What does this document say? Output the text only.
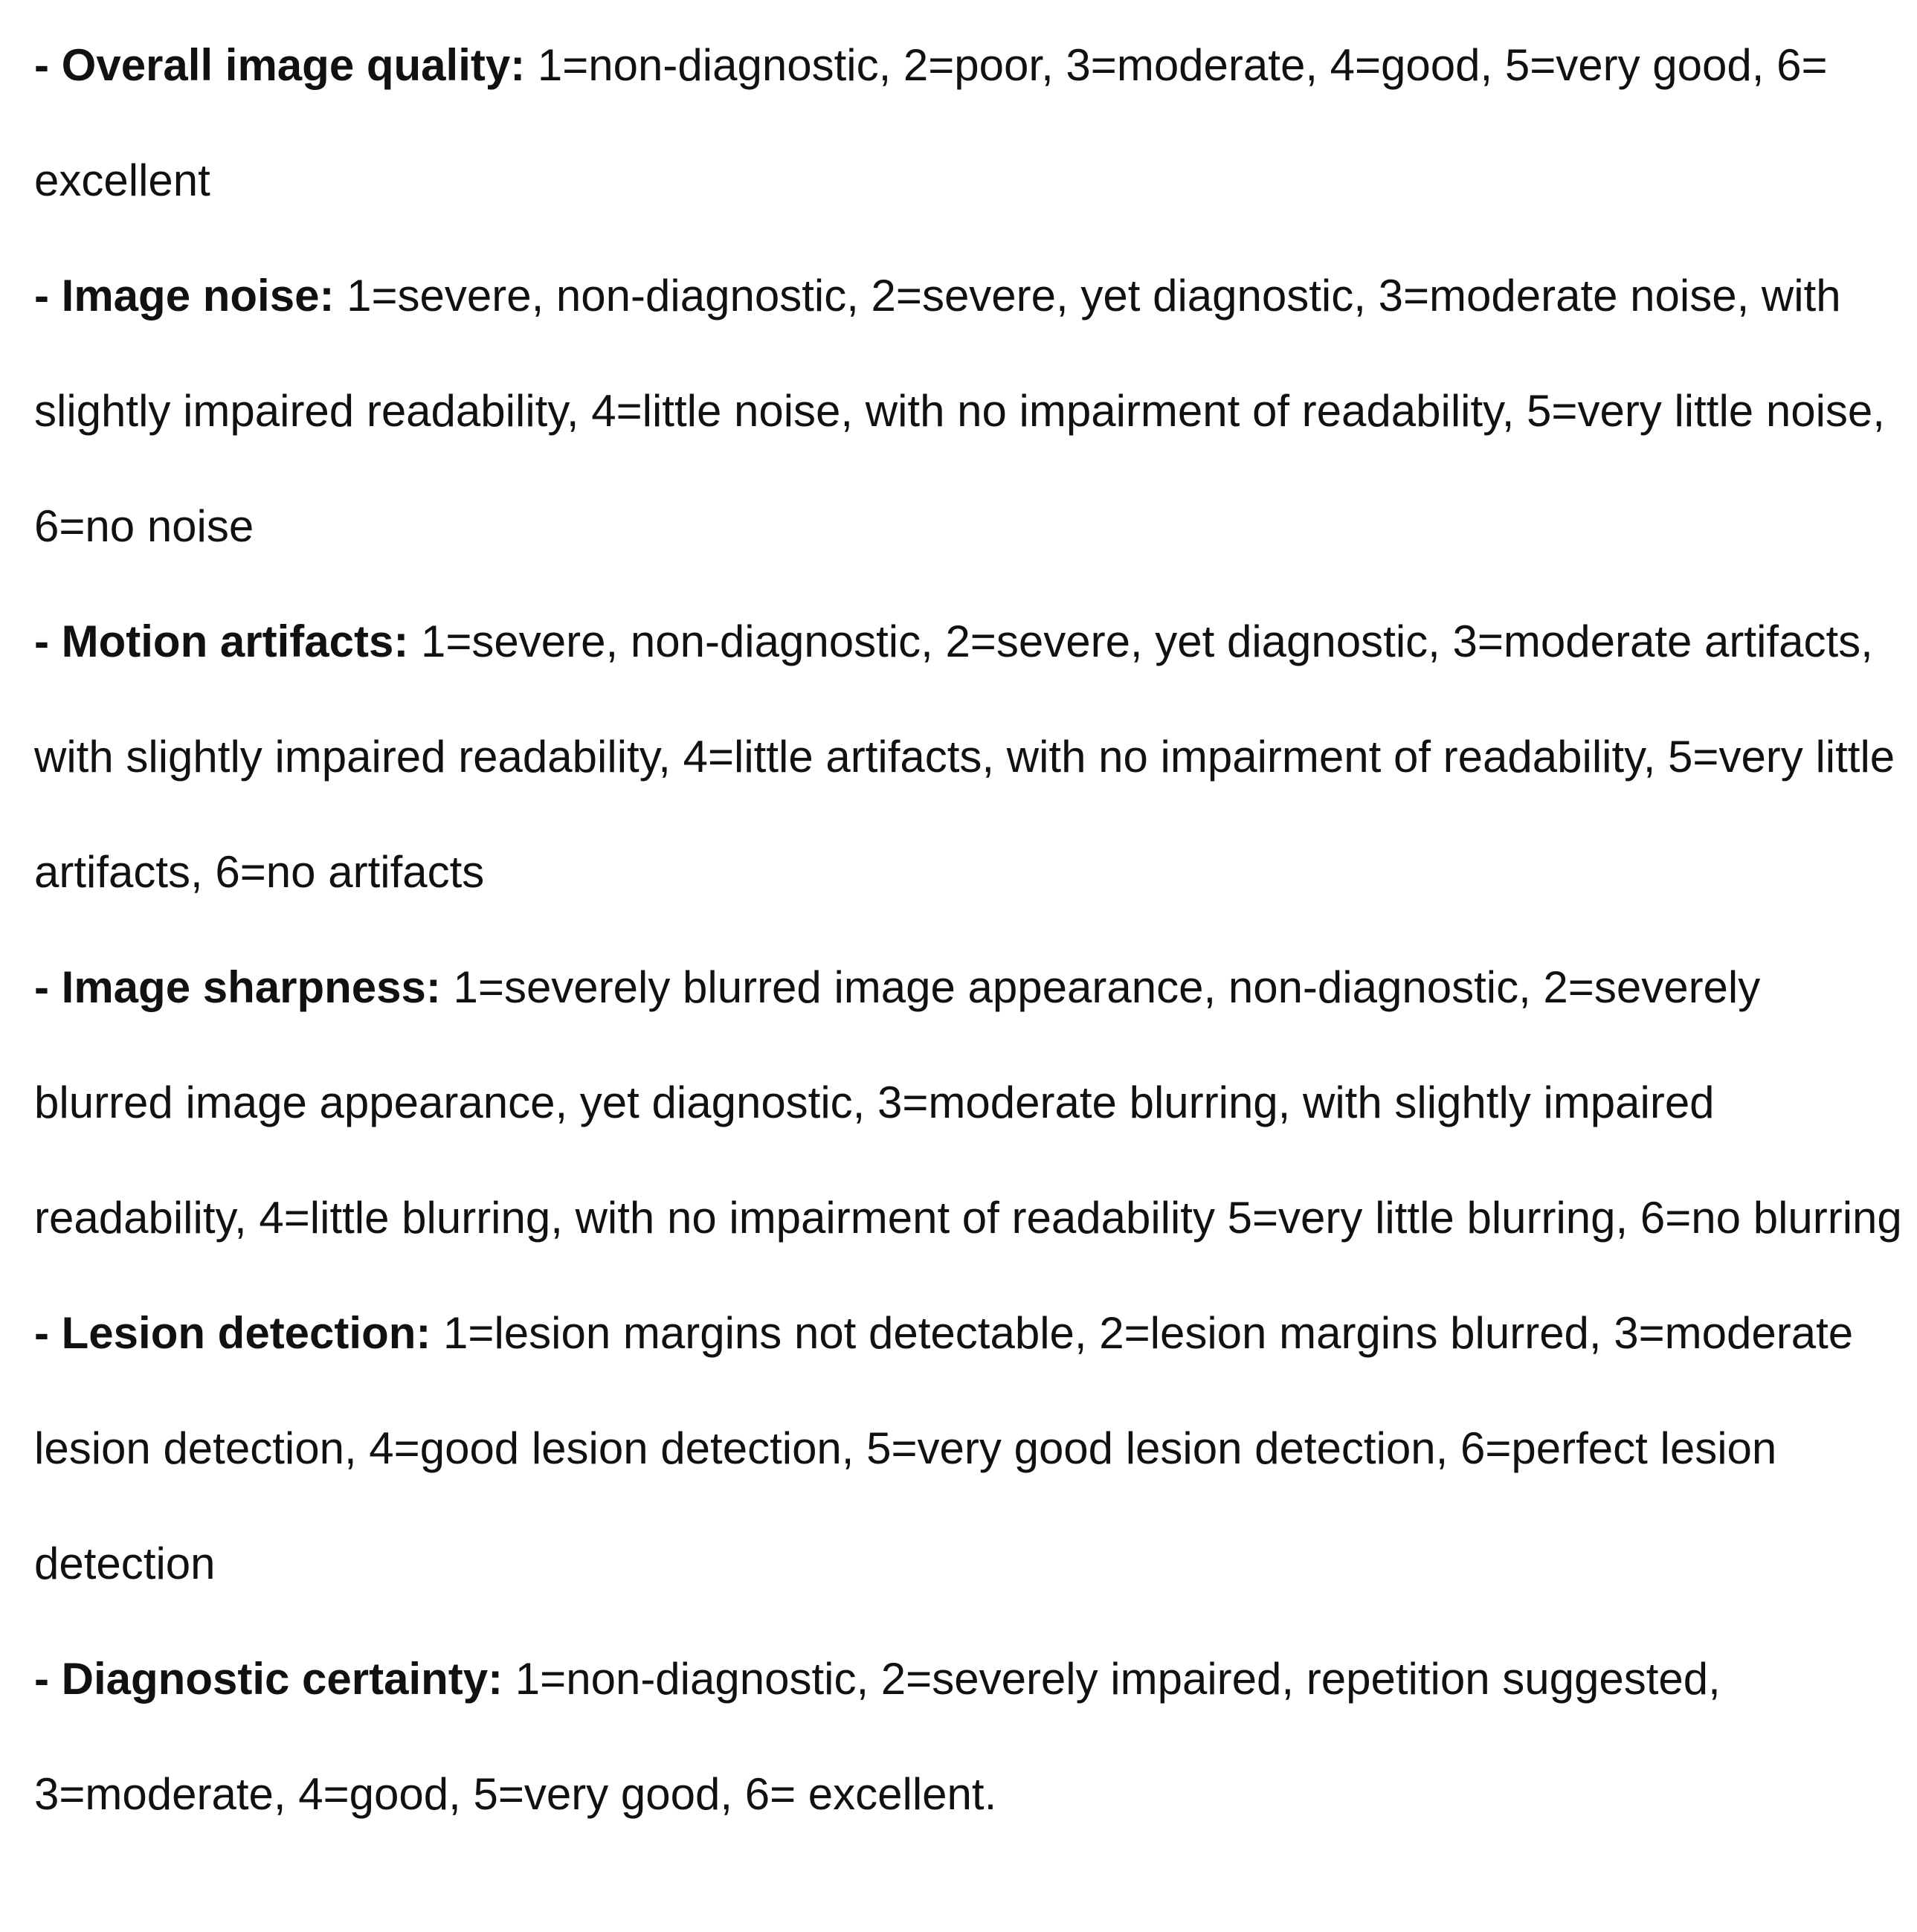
- Overall image quality: 1=non-diagnostic, 2=poor, 3=moderate, 4=good, 5=very good, 6= excellent
- Image noise: 1=severe, non-diagnostic, 2=severe, yet diagnostic, 3=moderate noise, with slightly impaired readability, 4=little noise, with no impairment of readability, 5=very little noise, 6=no noise
- Motion artifacts: 1=severe, non-diagnostic, 2=severe, yet diagnostic, 3=moderate artifacts, with slightly impaired readability, 4=little artifacts, with no impairment of readability, 5=very little artifacts, 6=no artifacts
- Image sharpness: 1=severely blurred image appearance, non-diagnostic, 2=severely blurred image appearance, yet diagnostic, 3=moderate blurring, with slightly impaired readability, 4=little blurring, with no impairment of readability 5=very little blurring, 6=no blurring
- Lesion detection: 1=lesion margins not detectable, 2=lesion margins blurred, 3=moderate lesion detection, 4=good lesion detection, 5=very good lesion detection, 6=perfect lesion detection
- Diagnostic certainty: 1=non-diagnostic, 2=severely impaired, repetition suggested, 3=moderate, 4=good, 5=very good, 6= excellent.
